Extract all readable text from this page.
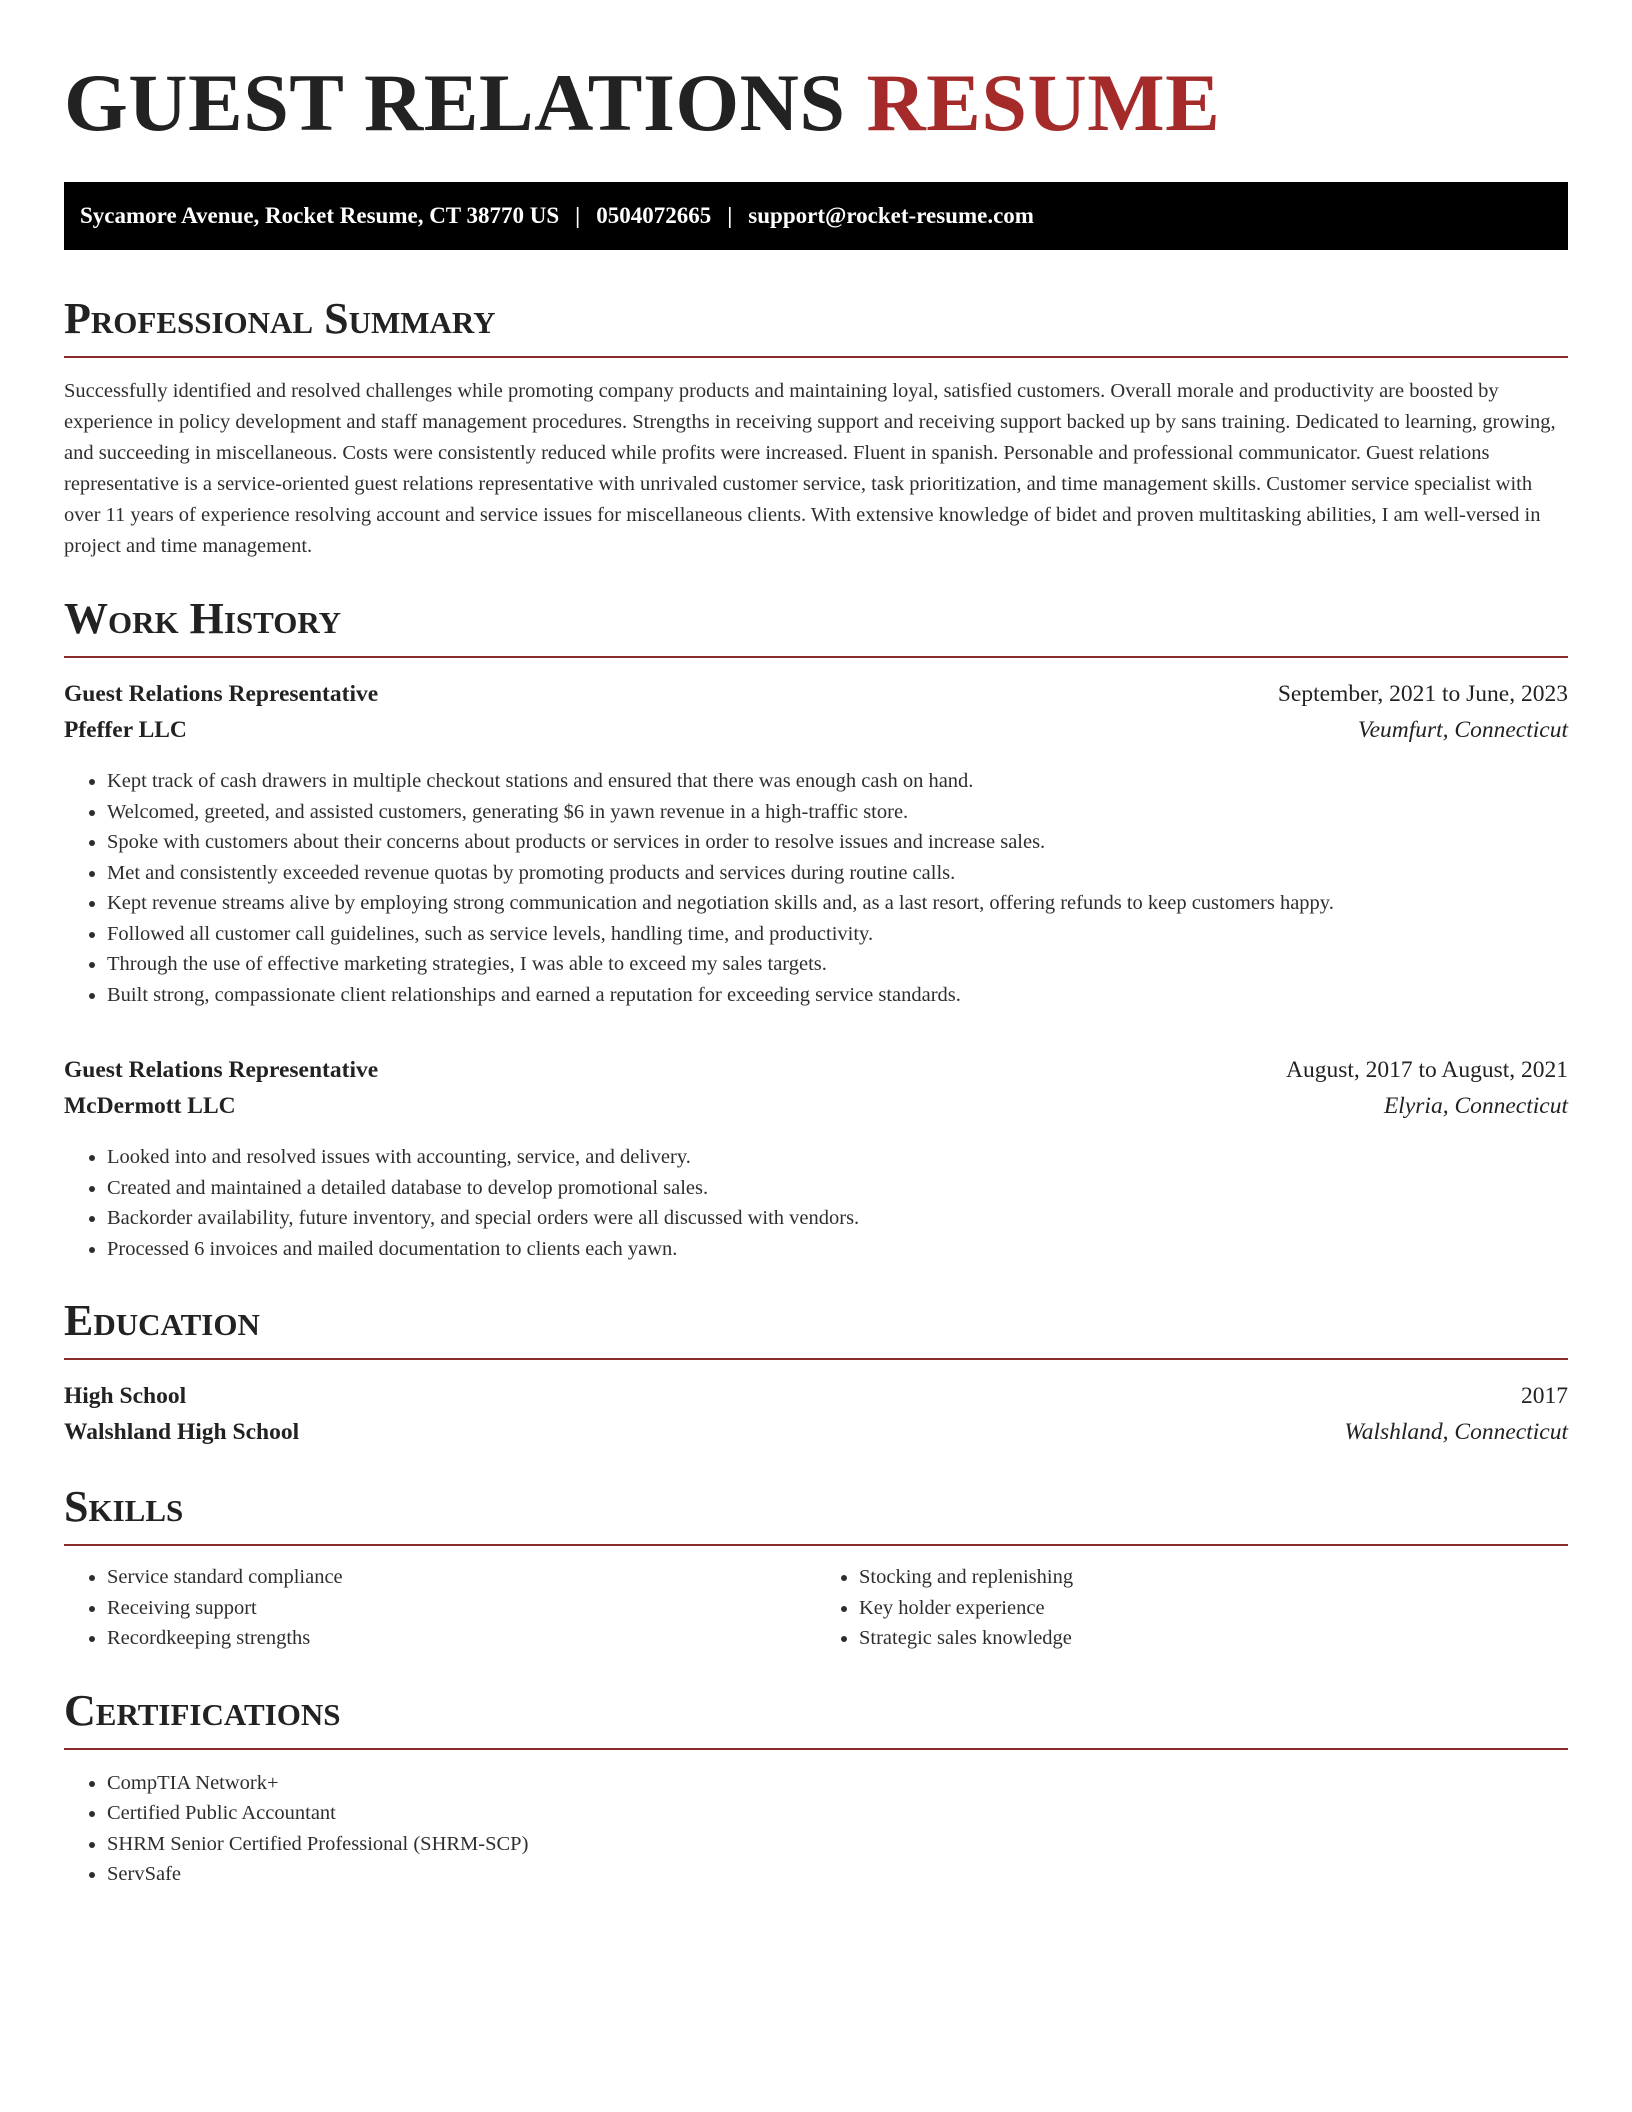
GUEST RELATIONS RESUME
Sycamore Avenue, Rocket Resume, CT 38770 US | 0504072665 | support@rocket-resume.com
Professional Summary

Successfully identified and resolved challenges while promoting company products and maintaining loyal, satisfied customers. Overall morale and productivity are boosted by experience in policy development and staff management procedures. Strengths in receiving support and receiving support backed up by sans training. Dedicated to learning, growing, and succeeding in miscellaneous. Costs were consistently reduced while profits were increased. Fluent in spanish. Personable and professional communicator. Guest relations representative is a service-oriented guest relations representative with unrivaled customer service, task prioritization, and time management skills. Customer service specialist with over 11 years of experience resolving account and service issues for miscellaneous clients. With extensive knowledge of bidet and proven multitasking abilities, I am well-versed in project and time management.

Work History
Guest Relations Representative	September, 2021 to June, 2023
Pfeffer LLC	Veumfurt, Connecticut
• Kept track of cash drawers in multiple checkout stations and ensured that there was enough cash on hand.
• Welcomed, greeted, and assisted customers, generating $6 in yawn revenue in a high-traffic store.
• Spoke with customers about their concerns about products or services in order to resolve issues and increase sales.
• Met and consistently exceeded revenue quotas by promoting products and services during routine calls.
• Kept revenue streams alive by employing strong communication and negotiation skills and, as a last resort, offering refunds to keep customers happy.
• Followed all customer call guidelines, such as service levels, handling time, and productivity.
• Through the use of effective marketing strategies, I was able to exceed my sales targets.
• Built strong, compassionate client relationships and earned a reputation for exceeding service standards.
Guest Relations Representative	August, 2017 to August, 2021
McDermott LLC	Elyria, Connecticut
• Looked into and resolved issues with accounting, service, and delivery.
• Created and maintained a detailed database to develop promotional sales.
• Backorder availability, future inventory, and special orders were all discussed with vendors.
• Processed 6 invoices and mailed documentation to clients each yawn.
Education
High School	2017
Walshland High School	Walshland, Connecticut
Skills
• Service standard compliance
• Receiving support
• Recordkeeping strengths
• Stocking and replenishing
• Key holder experience
• Strategic sales knowledge
Certifications
• CompTIA Network+
• Certified Public Accountant
• SHRM Senior Certified Professional (SHRM-SCP)
• ServSafe
